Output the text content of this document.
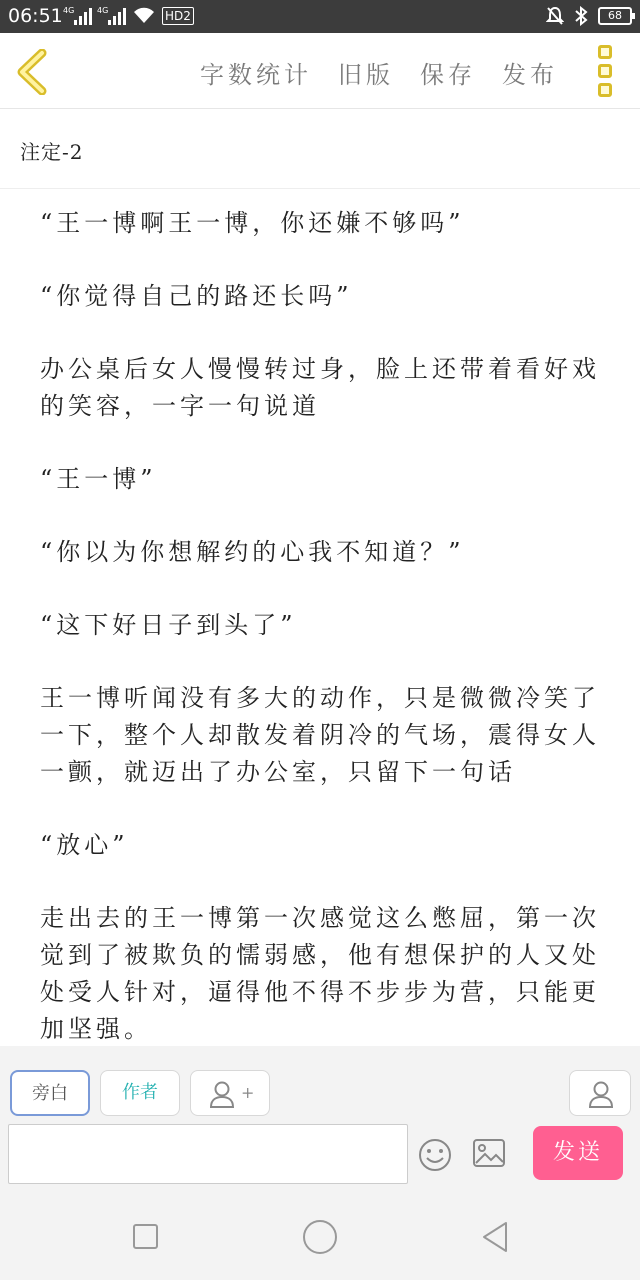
06:51 4G	4G	HD2	68
字数统计 旧版 保存 发布
注定-2

“王一博啊王一博，你还嫌不够吗”

“你觉得自己的路还长吗”

办公桌后女人慢慢转过身，脸上还带着看好戏的笑容，一字一句说道

“王一博”

“你以为你想解约的心我不知道？”

“这下好日子到头了”

王一博听闻没有多大的动作，只是微微冷笑了一下，整个人却散发着阴冷的气场，震得女人一颤，就迈出了办公室，只留下一句话

“放心”

走出去的王一博第一次感觉这么憋屈，第一次觉到了被欺负的懦弱感，他有想保护的人又处处受人针对，逼得他不得不步步为营，只能更加坚强。

旁白	作者	+
发送
